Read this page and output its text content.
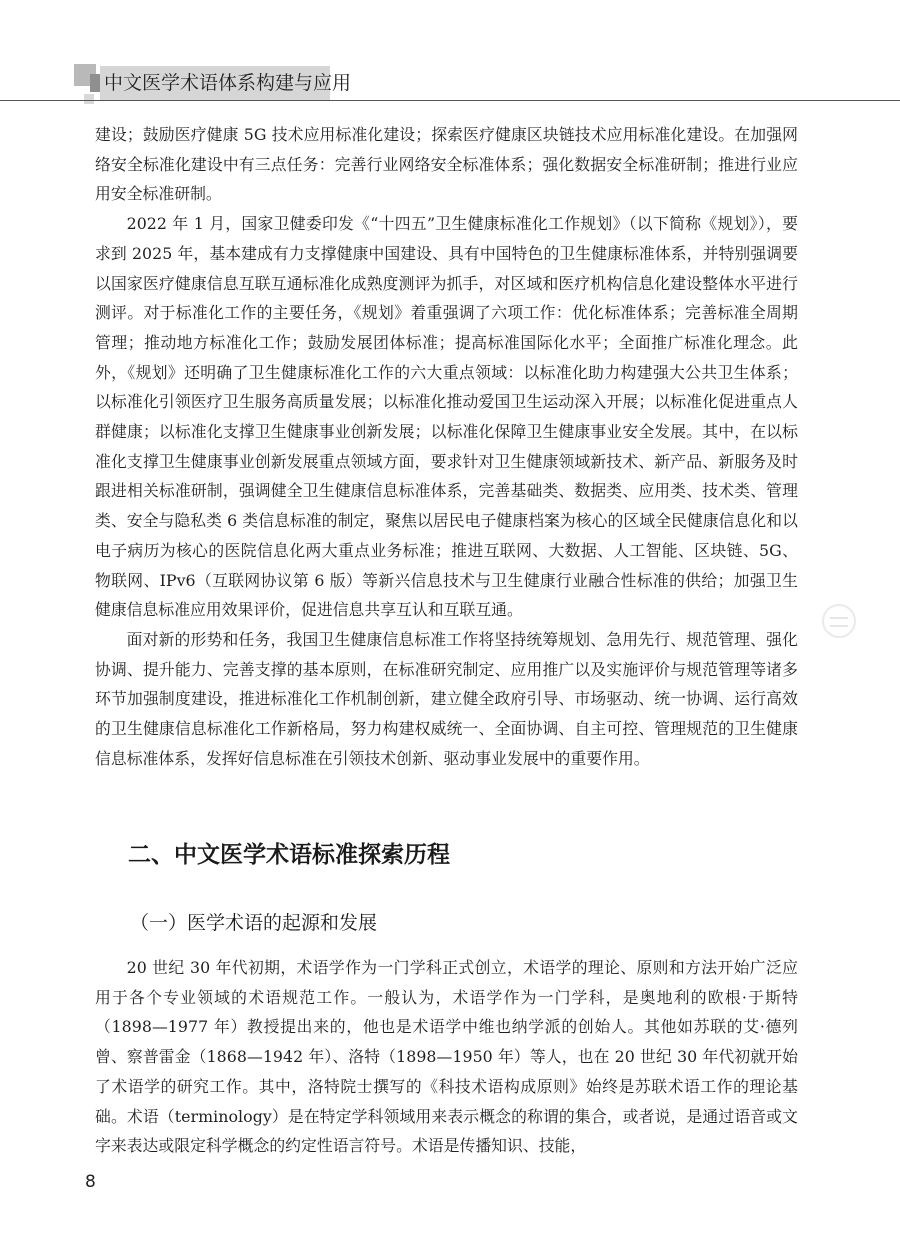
中文医学术语体系构建与应用

建设；鼓励医疗健康 5G 技术应用标准化建设；探索医疗健康区块链技术应用标准化建设。在加强网络安全标准化建设中有三点任务：完善行业网络安全标准体系；强化数据安全标准研制；推进行业应用安全标准研制。

2022 年 1 月，国家卫健委印发《“十四五”卫生健康标准化工作规划》（以下简称《规划》），要求到 2025 年，基本建成有力支撑健康中国建设、具有中国特色的卫生健康标准体系，并特别强调要以国家医疗健康信息互联互通标准化成熟度测评为抓手，对区域和医疗机构信息化建设整体水平进行测评。对于标准化工作的主要任务，《规划》着重强调了六项工作：优化标准体系；完善标准全周期管理；推动地方标准化工作；鼓励发展团体标准；提高标准国际化水平；全面推广标准化理念。此外，《规划》还明确了卫生健康标准化工作的六大重点领域：以标准化助力构建强大公共卫生体系；以标准化引领医疗卫生服务高质量发展；以标准化推动爱国卫生运动深入开展；以标准化促进重点人群健康；以标准化支撑卫生健康事业创新发展；以标准化保障卫生健康事业安全发展。其中，在以标准化支撑卫生健康事业创新发展重点领域方面，要求针对卫生健康领域新技术、新产品、新服务及时跟进相关标准研制，强调健全卫生健康信息标准体系，完善基础类、数据类、应用类、技术类、管理类、安全与隐私类 6 类信息标准的制定，聚焦以居民电子健康档案为核心的区域全民健康信息化和以电子病历为核心的医院信息化两大重点业务标准；推进互联网、大数据、人工智能、区块链、5G、物联网、IPv6（互联网协议第 6 版）等新兴信息技术与卫生健康行业融合性标准的供给；加强卫生健康信息标准应用效果评价，促进信息共享互认和互联互通。

面对新的形势和任务，我国卫生健康信息标准工作将坚持统筹规划、急用先行、规范管理、强化协调、提升能力、完善支撑的基本原则，在标准研究制定、应用推广以及实施评价与规范管理等诸多环节加强制度建设，推进标准化工作机制创新，建立健全政府引导、市场驱动、统一协调、运行高效的卫生健康信息标准化工作新格局，努力构建权威统一、全面协调、自主可控、管理规范的卫生健康信息标准体系，发挥好信息标准在引领技术创新、驱动事业发展中的重要作用。

二、中文医学术语标准探索历程
（一）医学术语的起源和发展

20 世纪 30 年代初期，术语学作为一门学科正式创立，术语学的理论、原则和方法开始广泛应用于各个专业领域的术语规范工作。一般认为，术语学作为一门学科，是奥地利的欧根·于斯特（1898—1977 年）教授提出来的，他也是术语学中维也纳学派的创始人。其他如苏联的艾·德列曾、察普雷金（1868—1942 年）、洛特（1898—1950 年）等人，也在 20 世纪 30 年代初就开始了术语学的研究工作。其中，洛特院士撰写的《科技术语构成原则》始终是苏联术语工作的理论基础。术语（terminology）是在特定学科领域用来表示概念的称谓的集合，或者说，是通过语音或文字来表达或限定科学概念的约定性语言符号。术语是传播知识、技能，

8
